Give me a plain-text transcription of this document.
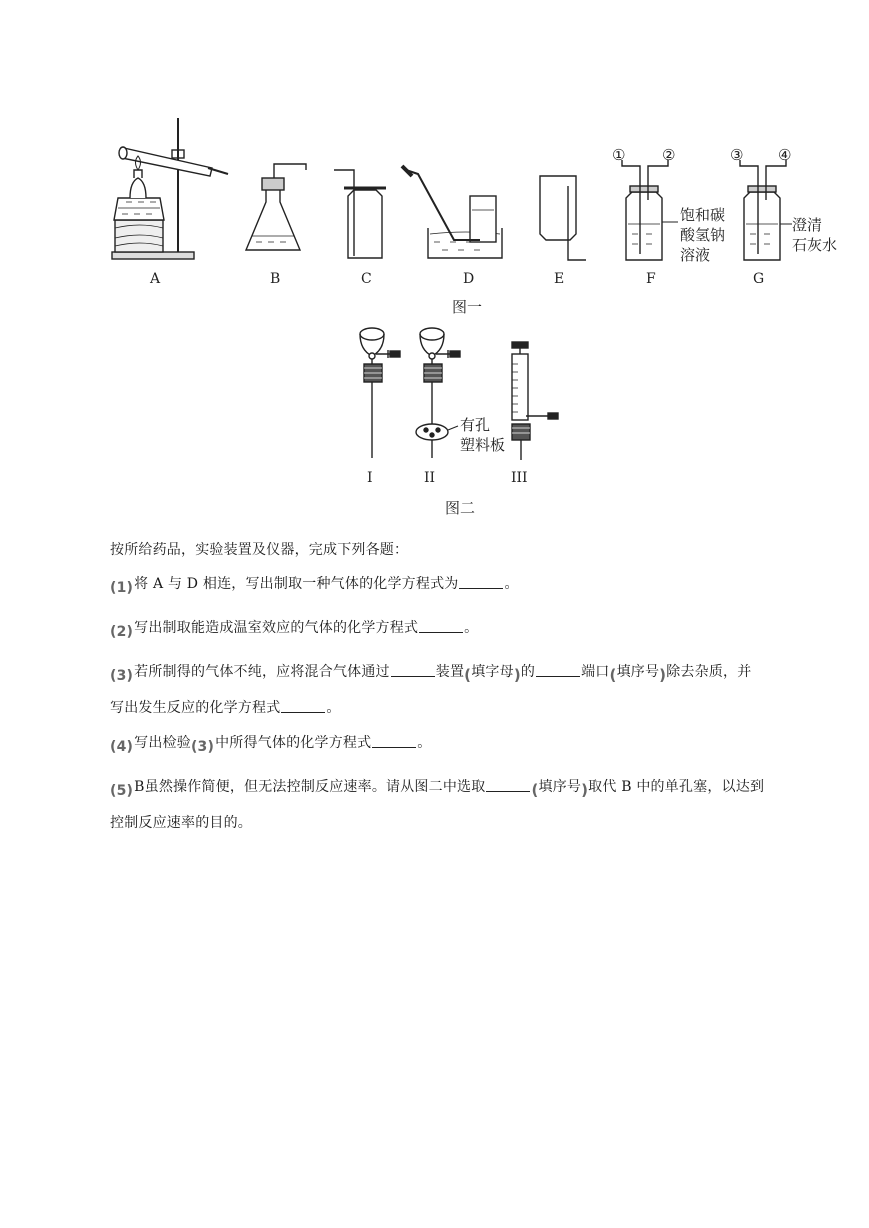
① ②	③ ④
饱和碳
酸氢钠
溶液
澄清
石灰水
A	B	C	D	E	F	G
图一
有孔
塑料板
I	II	III
图二
按所给药品，实验装置及仪器，完成下列各题：
(1)将 A 与 D 相连，写出制取一种气体的化学方程式为	。
(2)写出制取能造成温室效应的气体的化学方程式	。
(3)若所制得的气体不纯，应将混合气体通过	装置(填字母)的	端口(填序号)除去杂质，并
写出发生反应的化学方程式	。
(4)写出检验(3)中所得气体的化学方程式	。
(5)B虽然操作简便，但无法控制反应速率。请从图二中选取	(填序号)取代 B 中的单孔塞，以达到
控制反应速率的目的。
